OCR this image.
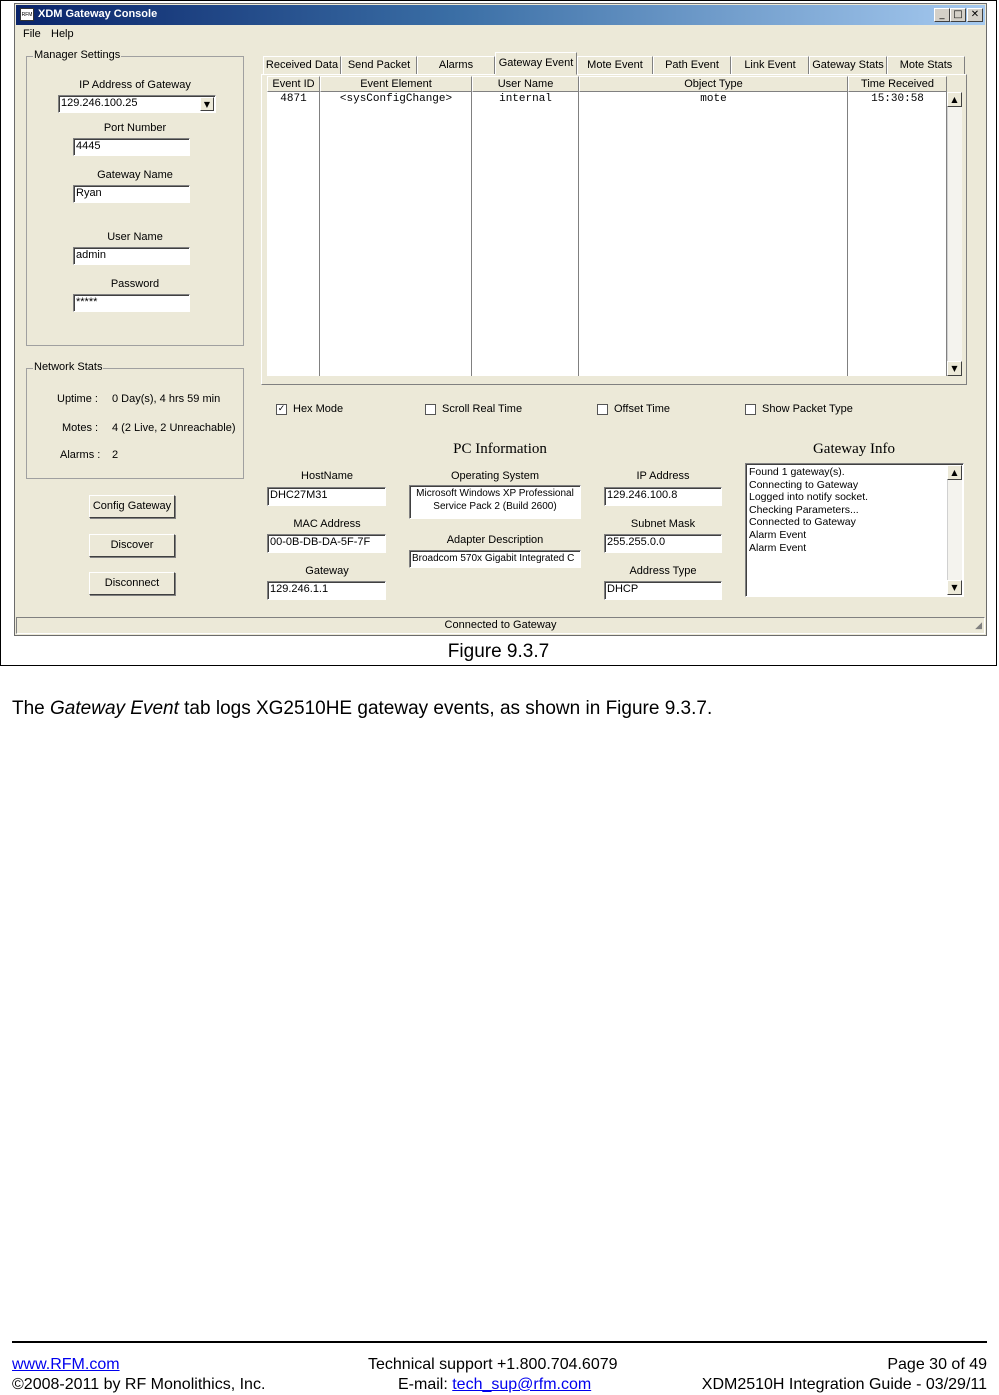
RFM XDM Gateway Console	_ □ ✕
File Help
Manager Settings
IP Address of Gateway
129.246.100.25	▼
Port Number
4445
Gateway Name
Ryan
User Name
admin
Password
*****
Network Stats
Uptime : 0 Day(s), 4 hrs 59 min
Motes : 4 (2 Live, 2 Unreachable)
Alarms : 2
Config Gateway
Discover
Disconnect
Received Data Send Packet	Alarms	Gateway Event	Mote Event	Path Event	Link Event	Gateway Stats	Mote Stats
Event ID	Event Element	User Name	Object Type	Time Received
4871	<sysConfigChange>	internal	mote	15:30:58	▲
▼
✓ Hex Mode	Scroll Real Time	Offset Time	Show Packet Type
PC Information
HostName
DHC27M31
MAC Address
00-0B-DB-DA-5F-7F
Gateway
129.246.1.1
Operating System
Microsoft Windows XP Professional
Service Pack 2 (Build 2600)
Adapter Description
Broadcom 570x Gigabit Integrated C
IP Address
129.246.100.8
Subnet Mask
255.255.0.0
Address Type
DHCP
Gateway Info
Found 1 gateway(s).
Connecting to Gateway
Logged into notify socket.
Checking Parameters...
Connected to Gateway
Alarm Event
Alarm Event
▲
▼
Connected to Gateway	◢
Figure 9.3.7
The Gateway Event tab logs XG2510HE gateway events, as shown in Figure 9.3.7.
www.RFM.com	Technical support +1.800.704.6079	Page 30 of 49
©2008-2011 by RF Monolithics, Inc.	E-mail: tech_sup@rfm.com	XDM2510H Integration Guide - 03/29/11
